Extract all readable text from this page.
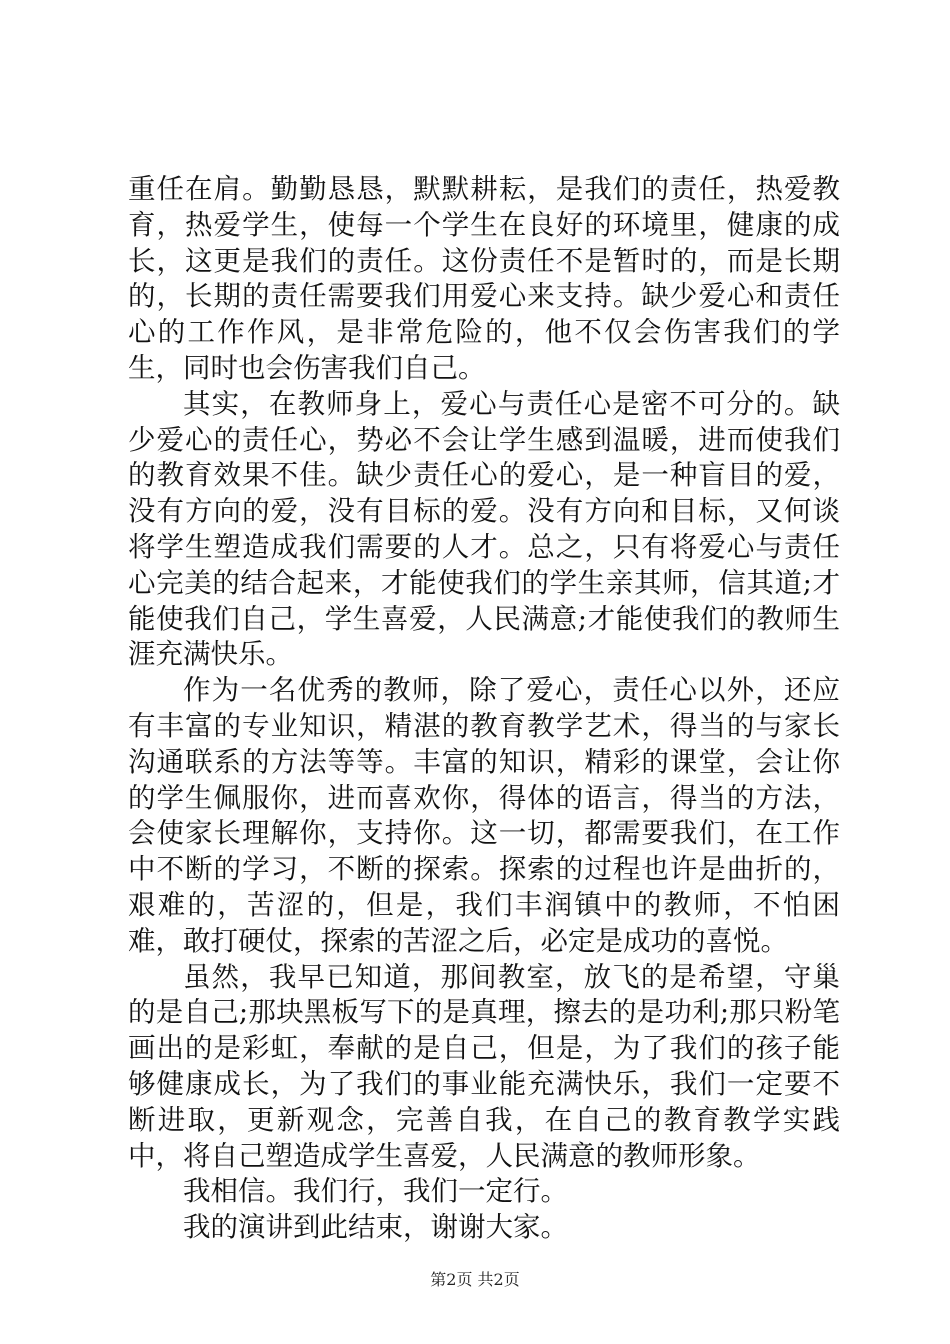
重任在肩。勤勤恳恳，默默耕耘，是我们的责任，热爱教育，热爱学生，使每一个学生在良好的环境里，健康的成长，这更是我们的责任。这份责任不是暂时的，而是长期的，长期的责任需要我们用爱心来支持。缺少爱心和责任心的工作作风，是非常危险的，他不仅会伤害我们的学生，同时也会伤害我们自己。

其实，在教师身上，爱心与责任心是密不可分的。缺少爱心的责任心，势必不会让学生感到温暖，进而使我们的教育效果不佳。缺少责任心的爱心，是一种盲目的爱，没有方向的爱，没有目标的爱。没有方向和目标，又何谈将学生塑造成我们需要的人才。总之，只有将爱心与责任心完美的结合起来，才能使我们的学生亲其师，信其道;才能使我们自己，学生喜爱，人民满意;才能使我们的教师生涯充满快乐。

作为一名优秀的教师，除了爱心，责任心以外，还应有丰富的专业知识，精湛的教育教学艺术，得当的与家长沟通联系的方法等等。丰富的知识，精彩的课堂，会让你的学生佩服你，进而喜欢你，得体的语言，得当的方法，会使家长理解你，支持你。这一切，都需要我们，在工作中不断的学习，不断的探索。探索的过程也许是曲折的，艰难的，苦涩的，但是，我们丰润镇中的教师，不怕困难，敢打硬仗，探索的苦涩之后，必定是成功的喜悦。

虽然，我早已知道，那间教室，放飞的是希望，守巢的是自己;那块黑板写下的是真理，擦去的是功利;那只粉笔画出的是彩虹，奉献的是自己，但是，为了我们的孩子能够健康成长，为了我们的事业能充满快乐，我们一定要不断进取，更新观念，完善自我，在自己的教育教学实践中，将自己塑造成学生喜爱，人民满意的教师形象。

我相信。我们行，我们一定行。

我的演讲到此结束，谢谢大家。

第2页 共2页
